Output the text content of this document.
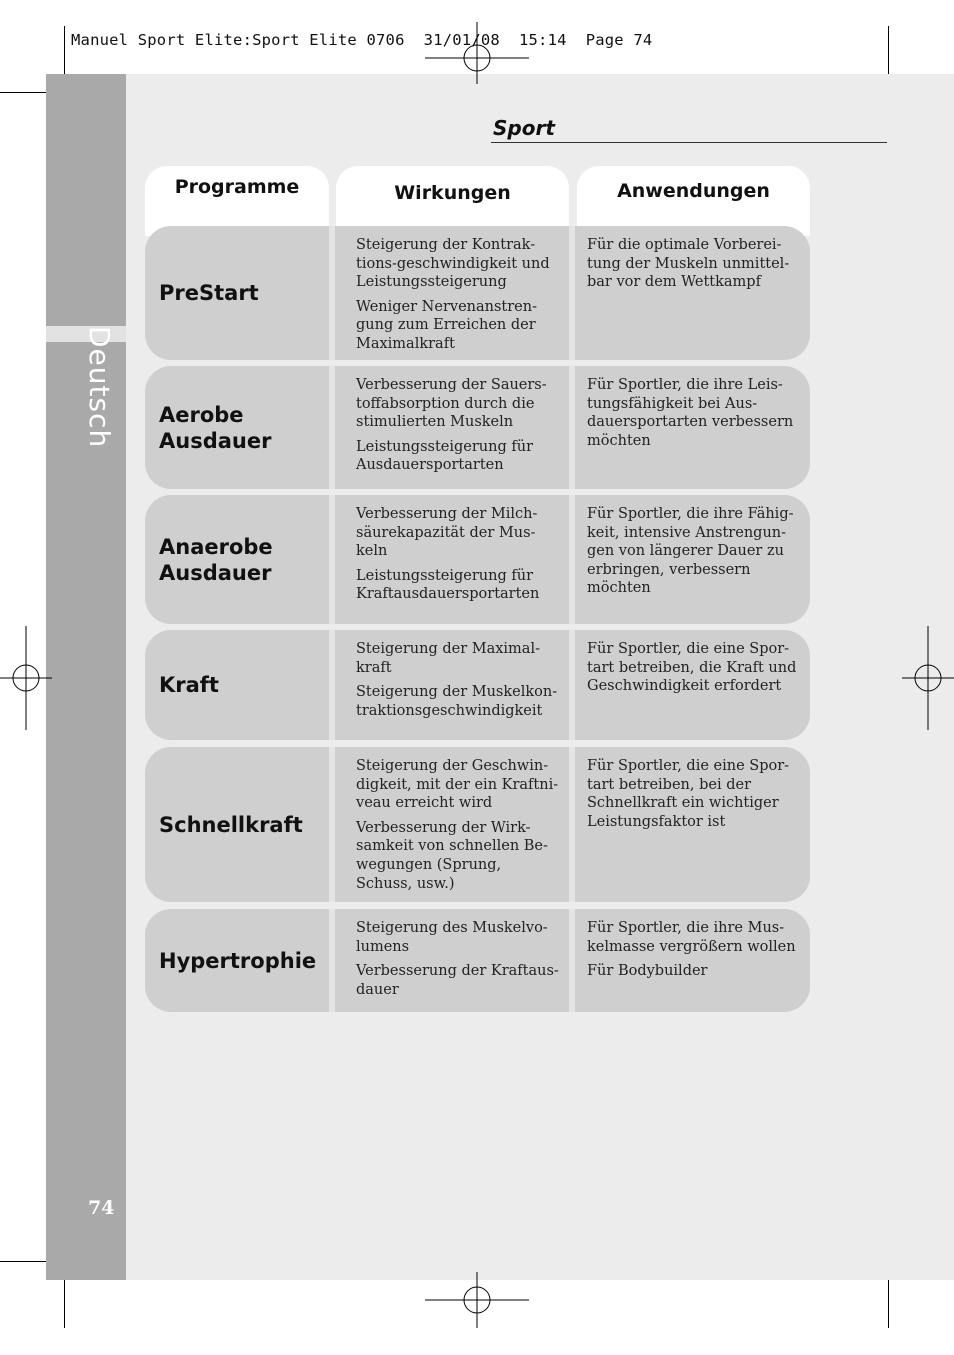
Manuel Sport Elite:Sport Elite 0706  31/01/08  15:14  Page 74
Deutsch
74
Sport
Programme	Wirkungen	Anwendungen
PreStart

Steigerung der Kontrak-
tions-geschwindigkeit und
Leistungssteigerung

Weniger Nervenanstren-
gung zum Erreichen der
Maximalkraft

Für die optimale Vorberei-
tung der Muskeln unmittel-
bar vor dem Wettkampf

Aerobe
Ausdauer

Verbesserung der Sauers-
toffabsorption durch die
stimulierten Muskeln

Leistungssteigerung für
Ausdauersportarten

Für Sportler, die ihre Leis-
tungsfähigkeit bei Aus-
dauersportarten verbessern
möchten

Anaerobe
Ausdauer

Verbesserung der Milch-
säurekapazität der Mus-
keln

Leistungssteigerung für
Kraftausdauersportarten

Für Sportler, die ihre Fähig-
keit, intensive Anstrengun-
gen von längerer Dauer zu
erbringen, verbessern
möchten

Kraft

Steigerung der Maximal-
kraft

Steigerung der Muskelkon-
traktionsgeschwindigkeit

Für Sportler, die eine Spor-
tart betreiben, die Kraft und
Geschwindigkeit erfordert

Schnellkraft

Steigerung der Geschwin-
digkeit, mit der ein Kraftni-
veau erreicht wird

Verbesserung der Wirk-
samkeit von schnellen Be-
wegungen (Sprung,
Schuss, usw.)

Für Sportler, die eine Spor-
tart betreiben, bei der
Schnellkraft ein wichtiger
Leistungsfaktor ist

Hypertrophie

Steigerung des Muskelvo-
lumens

Verbesserung der Kraftaus-
dauer

Für Sportler, die ihre Mus-
kelmasse vergrößern wollen

Für Bodybuilder
